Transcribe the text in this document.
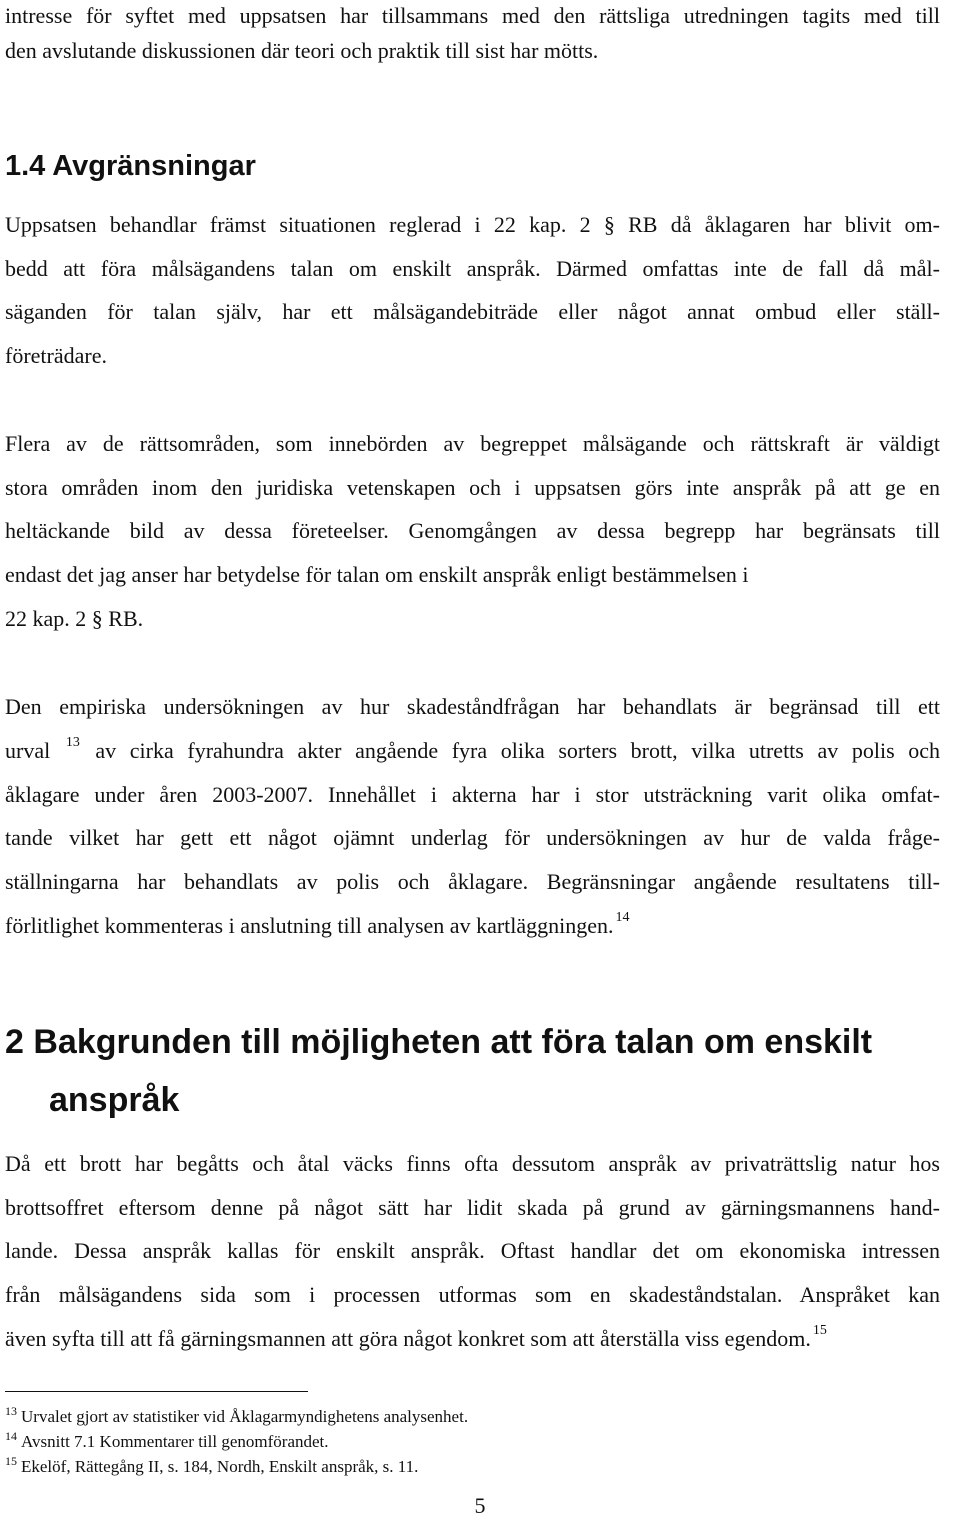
intresse för syftet med uppsatsen har tillsammans med den rättsliga utredningen tagits med till
den avslutande diskussionen där teori och praktik till sist har mötts.
1.4 Avgränsningar
Uppsatsen behandlar främst situationen reglerad i 22 kap. 2 § RB då åklagaren har blivit om-
bedd att föra målsägandens talan om enskilt anspråk. Därmed omfattas inte de fall då mål-
säganden för talan själv, har ett målsägandebiträde eller något annat ombud eller ställ-
företrädare.
Flera av de rättsområden, som innebörden av begreppet målsägande och rättskraft är väldigt
stora områden inom den juridiska vetenskapen och i uppsatsen görs inte anspråk på att ge en
heltäckande bild av dessa företeelser. Genomgången av dessa begrepp har begränsats till
endast det jag anser har betydelse för talan om enskilt anspråk enligt bestämmelsen i
22 kap. 2 § RB.
Den empiriska undersökningen av hur skadeståndfrågan har behandlats är begränsad till ett
urval $^{13}$ av cirka fyrahundra akter angående fyra olika sorters brott, vilka utretts av polis och
åklagare under åren 2003-2007. Innehållet i akterna har i stor utsträckning varit olika omfat-
tande vilket har gett ett något ojämnt underlag för undersökningen av hur de valda fråge-
ställningarna har behandlats av polis och åklagare. Begränsningar angående resultatens till-
förlitlighet kommenteras i anslutning till analysen av kartläggningen. $^{14}$
2 Bakgrunden till möjligheten att föra talan om enskilt
anspråk
Då ett brott har begåtts och åtal väcks finns ofta dessutom anspråk av privaträttslig natur hos
brottsoffret eftersom denne på något sätt har lidit skada på grund av gärningsmannens hand-
lande. Dessa anspråk kallas för enskilt anspråk. Oftast handlar det om ekonomiska intressen
från målsägandens sida som i processen utformas som en skadeståndstalan. Anspråket kan
även syfta till att få gärningsmannen att göra något konkret som att återställa viss egendom. $^{15}$
$^{13}$ Urvalet gjort av statistiker vid Åklagarmyndighetens analysenhet.
$^{14}$ Avsnitt 7.1 Kommentarer till genomförandet.
$^{15}$ Ekelöf, Rättegång II, s. 184, Nordh, Enskilt anspråk, s. 11.
5
